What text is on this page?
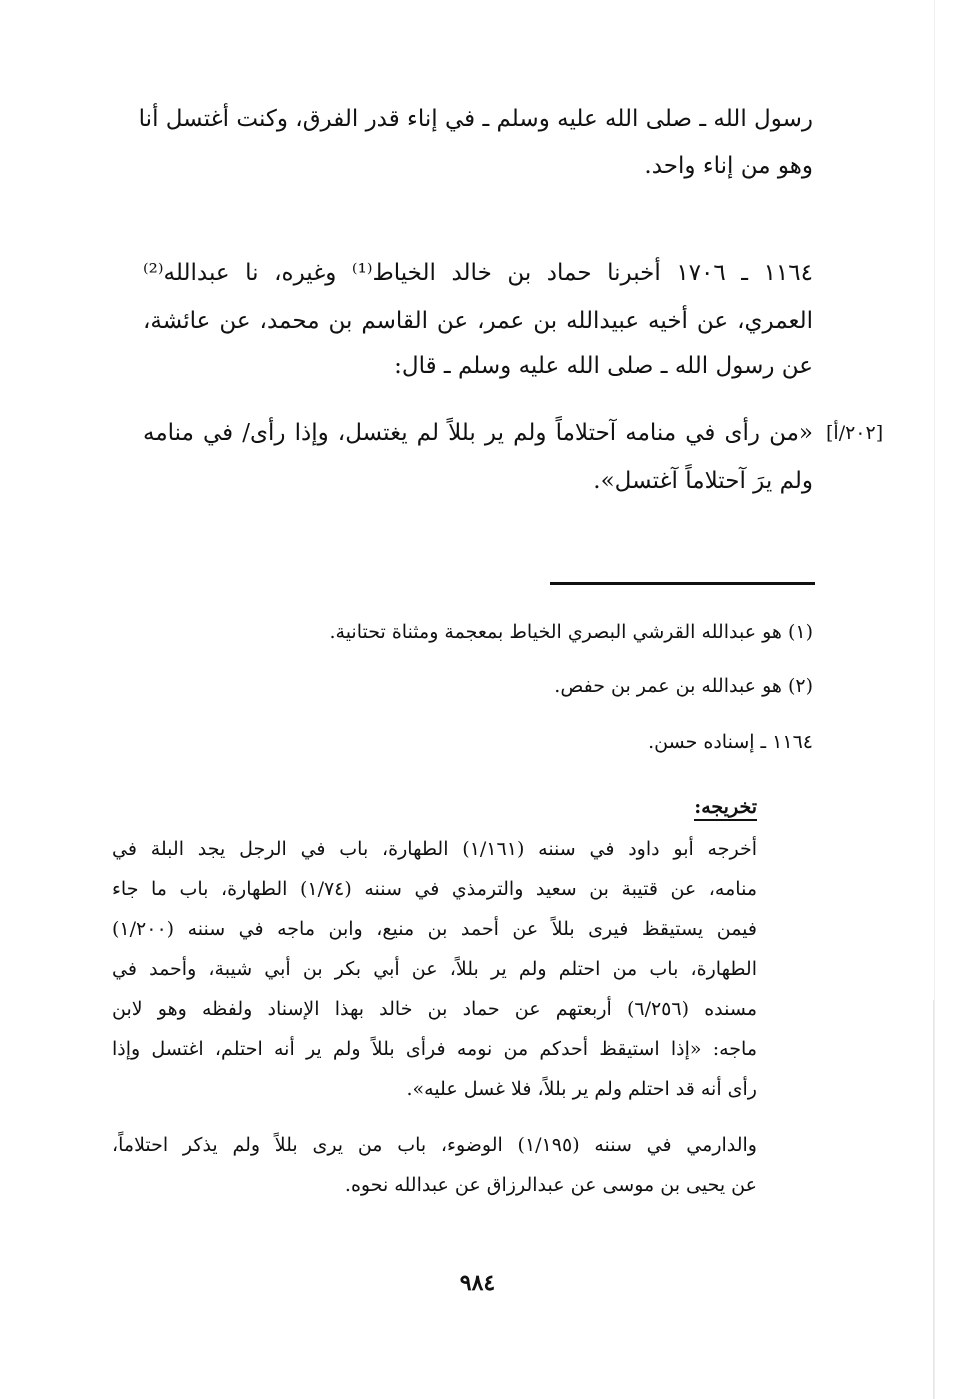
رسول الله ـ صلى الله عليه وسلم ـ في إناء قدر الفرق، وكنت أغتسل أنا
وهو من إناء واحد.
١١٦٤ ـ ١٧٠٦ أخبرنا حماد بن خالد الخياط⁽¹⁾ وغيره، نا عبدالله⁽²⁾
العمري، عن أخيه عبيدالله بن عمر، عن القاسم بن محمد، عن عائشة،
عن رسول الله ـ صلى الله عليه وسلم ـ قال:
«من رأى في منامه آحتلاماً ولم ير بللاً لم يغتسل، وإذا رأى/ في منامه
ولم يرَ آحتلاماً آغتسل».
[٢٠٢/أ]
(١) هو عبدالله القرشي البصري الخياط بمعجمة ومثناة تحتانية.
(٢) هو عبدالله بن عمر بن حفص.
١١٦٤ ـ إسناده حسن.
تخريجه:
أخرجه أبو داود في سننه (١/١٦١) الطهارة، باب في الرجل يجد البلة في
منامه، عن قتيبة بن سعيد والترمذي في سننه (١/٧٤) الطهارة، باب ما جاء
فيمن يستيقظ فيرى بللاً عن أحمد بن منيع، وابن ماجه في سننه (١/٢٠٠)
الطهارة، باب من احتلم ولم ير بللاً، عن أبي بكر بن أبي شيبة، وأحمد في
مسنده (٦/٢٥٦) أربعتهم عن حماد بن خالد بهذا الإسناد ولفظه وهو لابن
ماجه: «إذا استيقظ أحدكم من نومه فرأى بللاً ولم ير أنه احتلم، اغتسل وإذا
رأى أنه قد احتلم ولم ير بللاً، فلا غسل عليه».
والدارمي في سننه (١/١٩٥) الوضوء، باب من يرى بللاً ولم يذكر احتلاماً،
عن يحيى بن موسى عن عبدالرزاق عن عبدالله نحوه.
٩٨٤
